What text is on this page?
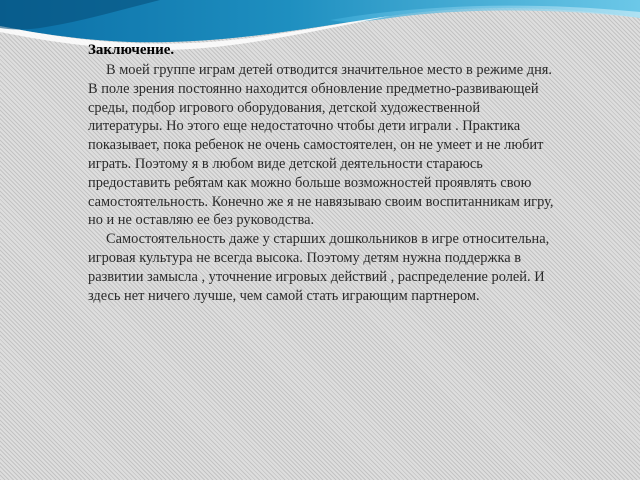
Заключение.

В моей группе играм детей отводится значительное место в режиме дня. В поле зрения постоянно находится обновление предметно-развивающей среды, подбор игрового оборудования, детской художественной литературы. Но этого еще недостаточно чтобы дети играли . Практика показывает, пока ребенок не очень самостоятелен, он не умеет и не любит играть. Поэтому я в любом виде детской деятельности стараюсь предоставить ребятам как можно больше возможностей проявлять свою самостоятельность. Конечно же я не навязываю своим воспитанникам игру, но и не оставляю ее без руководства.

Самостоятельность даже у старших дошкольников в игре относительна, игровая культура не всегда высока. Поэтому детям нужна поддержка в развитии замысла , уточнение игровых действий , распределение ролей. И здесь нет ничего лучше, чем самой стать играющим партнером.
